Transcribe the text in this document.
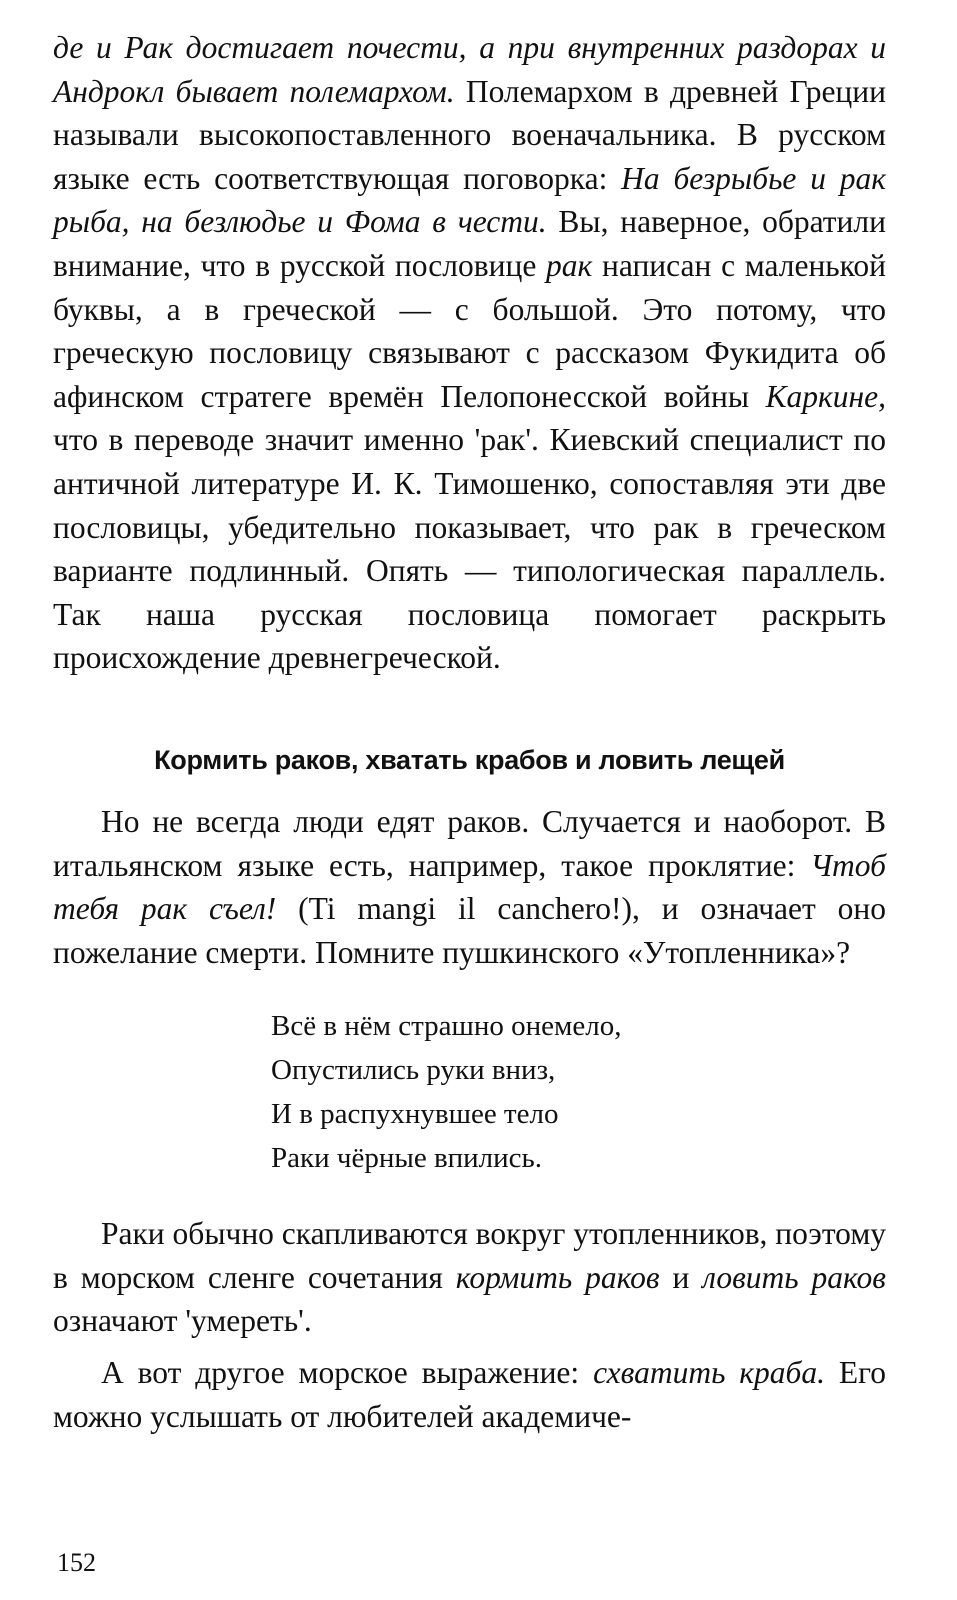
де и Рак достигает почести, а при внутренних раздорах и Андрокл бывает полемархом. Полемархом в древней Греции называли высокопоставленного военачальника. В русском языке есть соответствующая поговорка: На безрыбье и рак рыба, на безлюдье и Фома в чести. Вы, наверное, обратили внимание, что в русской пословице рак написан с маленькой буквы, а в греческой — с большой. Это потому, что греческую пословицу связывают с рассказом Фукидита об афинском стратеге времён Пелопонесской войны Каркине, что в переводе значит именно 'рак'. Киевский специалист по античной литературе И. К. Тимошенко, сопоставляя эти две пословицы, убедительно показывает, что рак в греческом варианте подлинный. Опять — типологическая параллель. Так наша русская пословица помогает раскрыть происхождение древнегреческой.

Кормить раков, хватать крабов и ловить лещей

Но не всегда люди едят раков. Случается и наоборот. В итальянском языке есть, например, такое проклятие: Чтоб тебя рак съел! (Ti mangi il canchero!), и означает оно пожелание смерти. Помните пушкинского «Утопленника»?

Всё в нём страшно онемело,
Опустились руки вниз,
И в распухнувшее тело
Раки чёрные впились.

Раки обычно скапливаются вокруг утопленников, поэтому в морском сленге сочетания кормить раков и ловить раков означают 'умереть'.

А вот другое морское выражение: схватить краба. Его можно услышать от любителей академиче-

152
